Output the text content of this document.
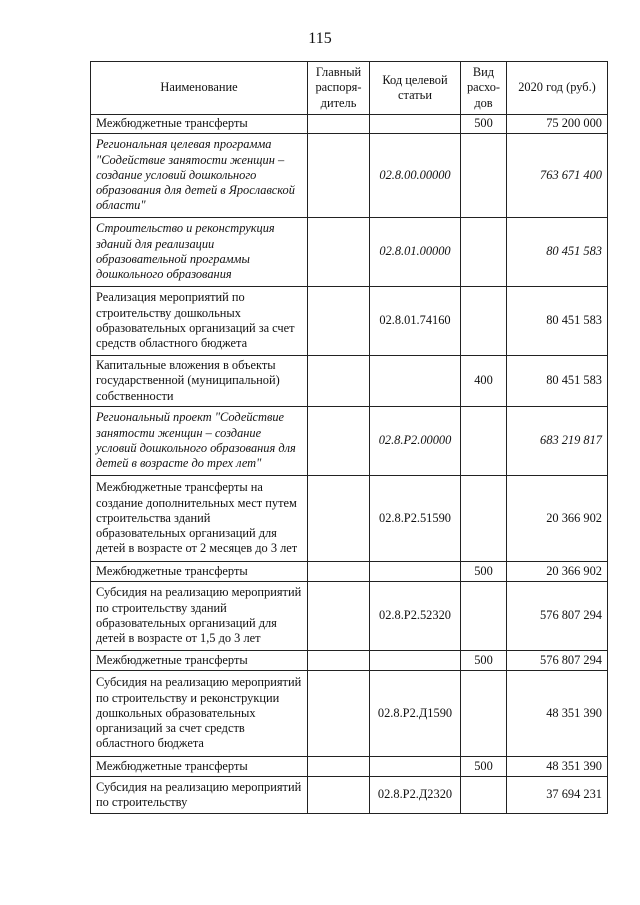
115
Наименование	Главный распоря-дитель	Код целевой статьи	Вид расхо-дов	2020 год (руб.)
Межбюджетные трансферты			500	75 200 000
Региональная целевая программа "Содействие занятости женщин – создание условий дошкольного образования для детей в Ярославской области"		02.8.00.00000		763 671 400
Строительство и реконструкция зданий для реализации образовательной программы дошкольного образования		02.8.01.00000		80 451 583
Реализация мероприятий по строительству дошкольных образовательных организаций за счет средств областного бюджета		02.8.01.74160		80 451 583
Капитальные вложения в объекты государственной (муниципальной) собственности			400	80 451 583
Региональный проект "Содействие занятости женщин – создание условий дошкольного образования для детей в возрасте до трех лет"		02.8.Р2.00000		683 219 817
Межбюджетные трансферты на создание дополнительных мест путем строительства зданий образовательных организаций для детей в возрасте от 2 месяцев до 3 лет		02.8.Р2.51590		20 366 902
Межбюджетные трансферты			500	20 366 902
Субсидия на реализацию мероприятий по строительству зданий образовательных организаций для детей в возрасте от 1,5 до 3 лет		02.8.Р2.52320		576 807 294
Межбюджетные трансферты			500	576 807 294
Субсидия на реализацию мероприятий по строительству и реконструкции дошкольных образовательных организаций за счет средств областного бюджета		02.8.Р2.Д1590		48 351 390
Межбюджетные трансферты			500	48 351 390
Субсидия на реализацию мероприятий по строительству		02.8.Р2.Д2320		37 694 231
